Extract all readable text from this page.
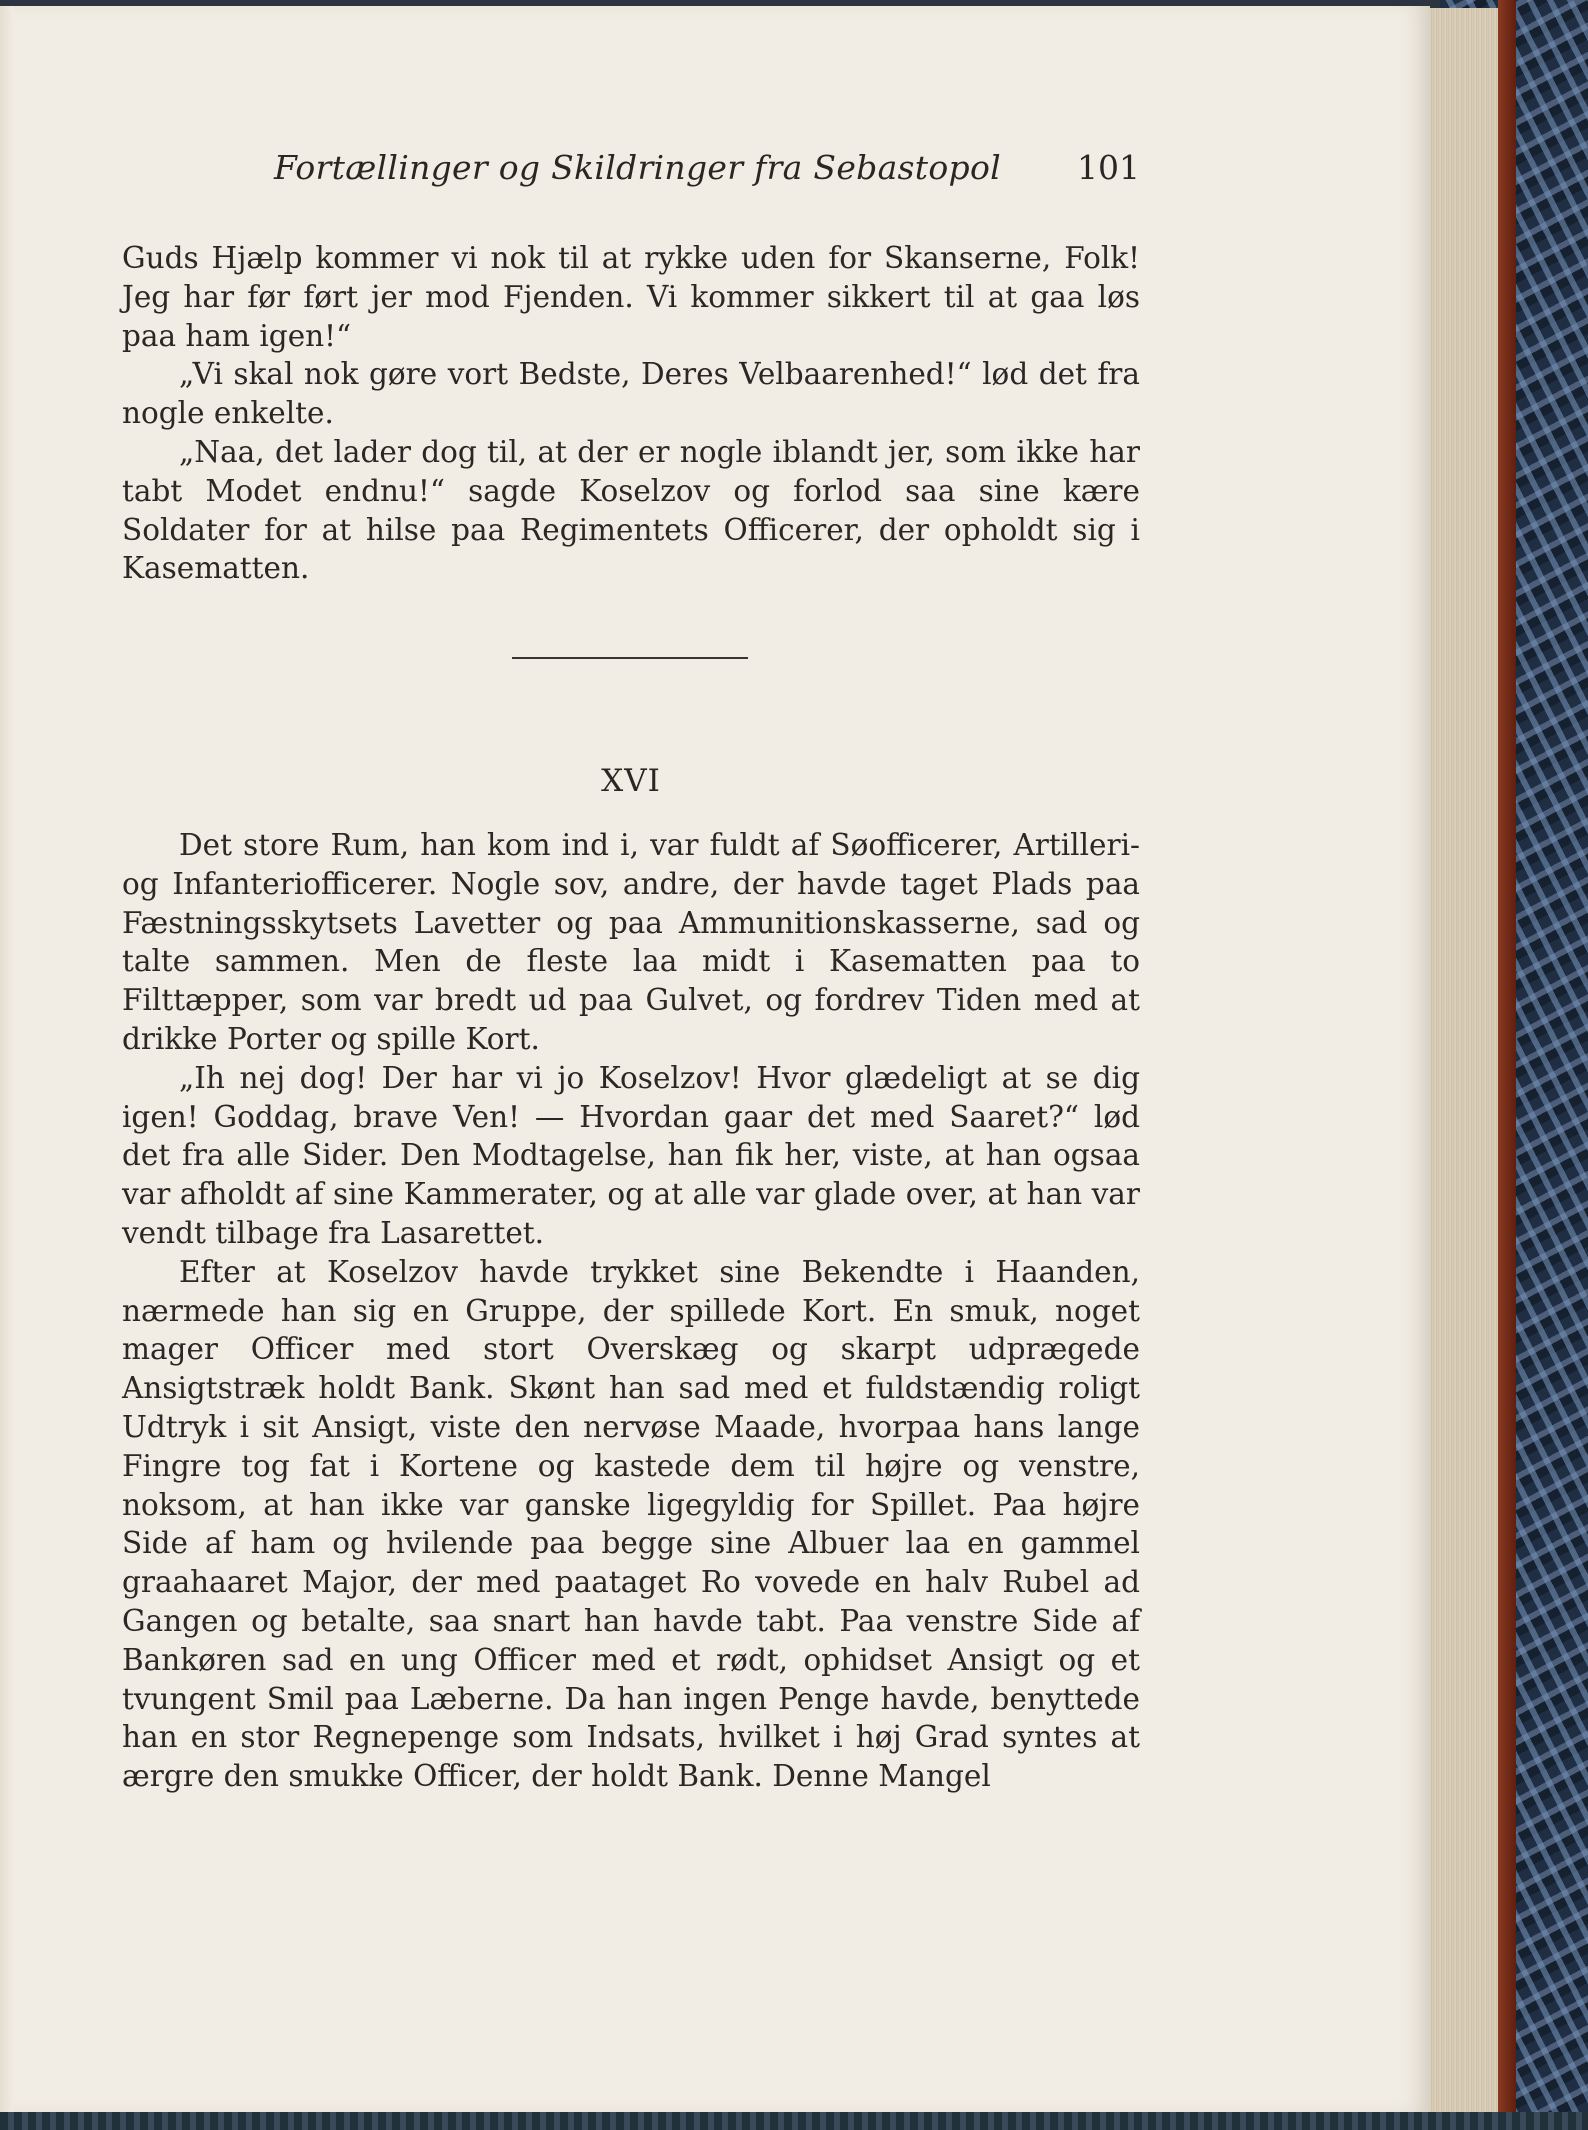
Fortællinger og Skildringer fra Sebastopol 101

Guds Hjælp kommer vi nok til at rykke uden for Skanserne, Folk! Jeg har før ført jer mod Fjenden. Vi kommer sikkert til at gaa løs paa ham igen!“

„Vi skal nok gøre vort Bedste, Deres Velbaarenhed!“ lød det fra nogle enkelte.

„Naa, det lader dog til, at der er nogle iblandt jer, som ikke har tabt Modet endnu!“ sagde Koselzov og forlod saa sine kære Soldater for at hilse paa Regimentets Officerer, der opholdt sig i Kasematten.

XVI

Det store Rum, han kom ind i, var fuldt af Søofficerer, Artilleri- og Infanteriofficerer. Nogle sov, andre, der havde taget Plads paa Fæstningsskytsets Lavetter og paa Ammunitionskasserne, sad og talte sammen. Men de fleste laa midt i Kasematten paa to Filttæpper, som var bredt ud paa Gulvet, og fordrev Tiden med at drikke Porter og spille Kort.

„Ih nej dog! Der har vi jo Koselzov! Hvor glædeligt at se dig igen! Goddag, brave Ven! — Hvordan gaar det med Saaret?“ lød det fra alle Sider. Den Modtagelse, han fik her, viste, at han ogsaa var afholdt af sine Kammerater, og at alle var glade over, at han var vendt tilbage fra Lasarettet.

Efter at Koselzov havde trykket sine Bekendte i Haanden, nærmede han sig en Gruppe, der spillede Kort. En smuk, noget mager Officer med stort Overskæg og skarpt udprægede Ansigtstræk holdt Bank. Skønt han sad med et fuldstændig roligt Udtryk i sit Ansigt, viste den nervøse Maade, hvorpaa hans lange Fingre tog fat i Kortene og kastede dem til højre og venstre, noksom, at han ikke var ganske ligegyldig for Spillet. Paa højre Side af ham og hvilende paa begge sine Albuer laa en gammel graahaaret Major, der med paataget Ro vovede en halv Rubel ad Gangen og betalte, saa snart han havde tabt. Paa venstre Side af Bankøren sad en ung Officer med et rødt, ophidset Ansigt og et tvungent Smil paa Læberne. Da han ingen Penge havde, benyttede han en stor Regnepenge som Indsats, hvilket i høj Grad syntes at ærgre den smukke Officer, der holdt Bank. Denne Mangel
